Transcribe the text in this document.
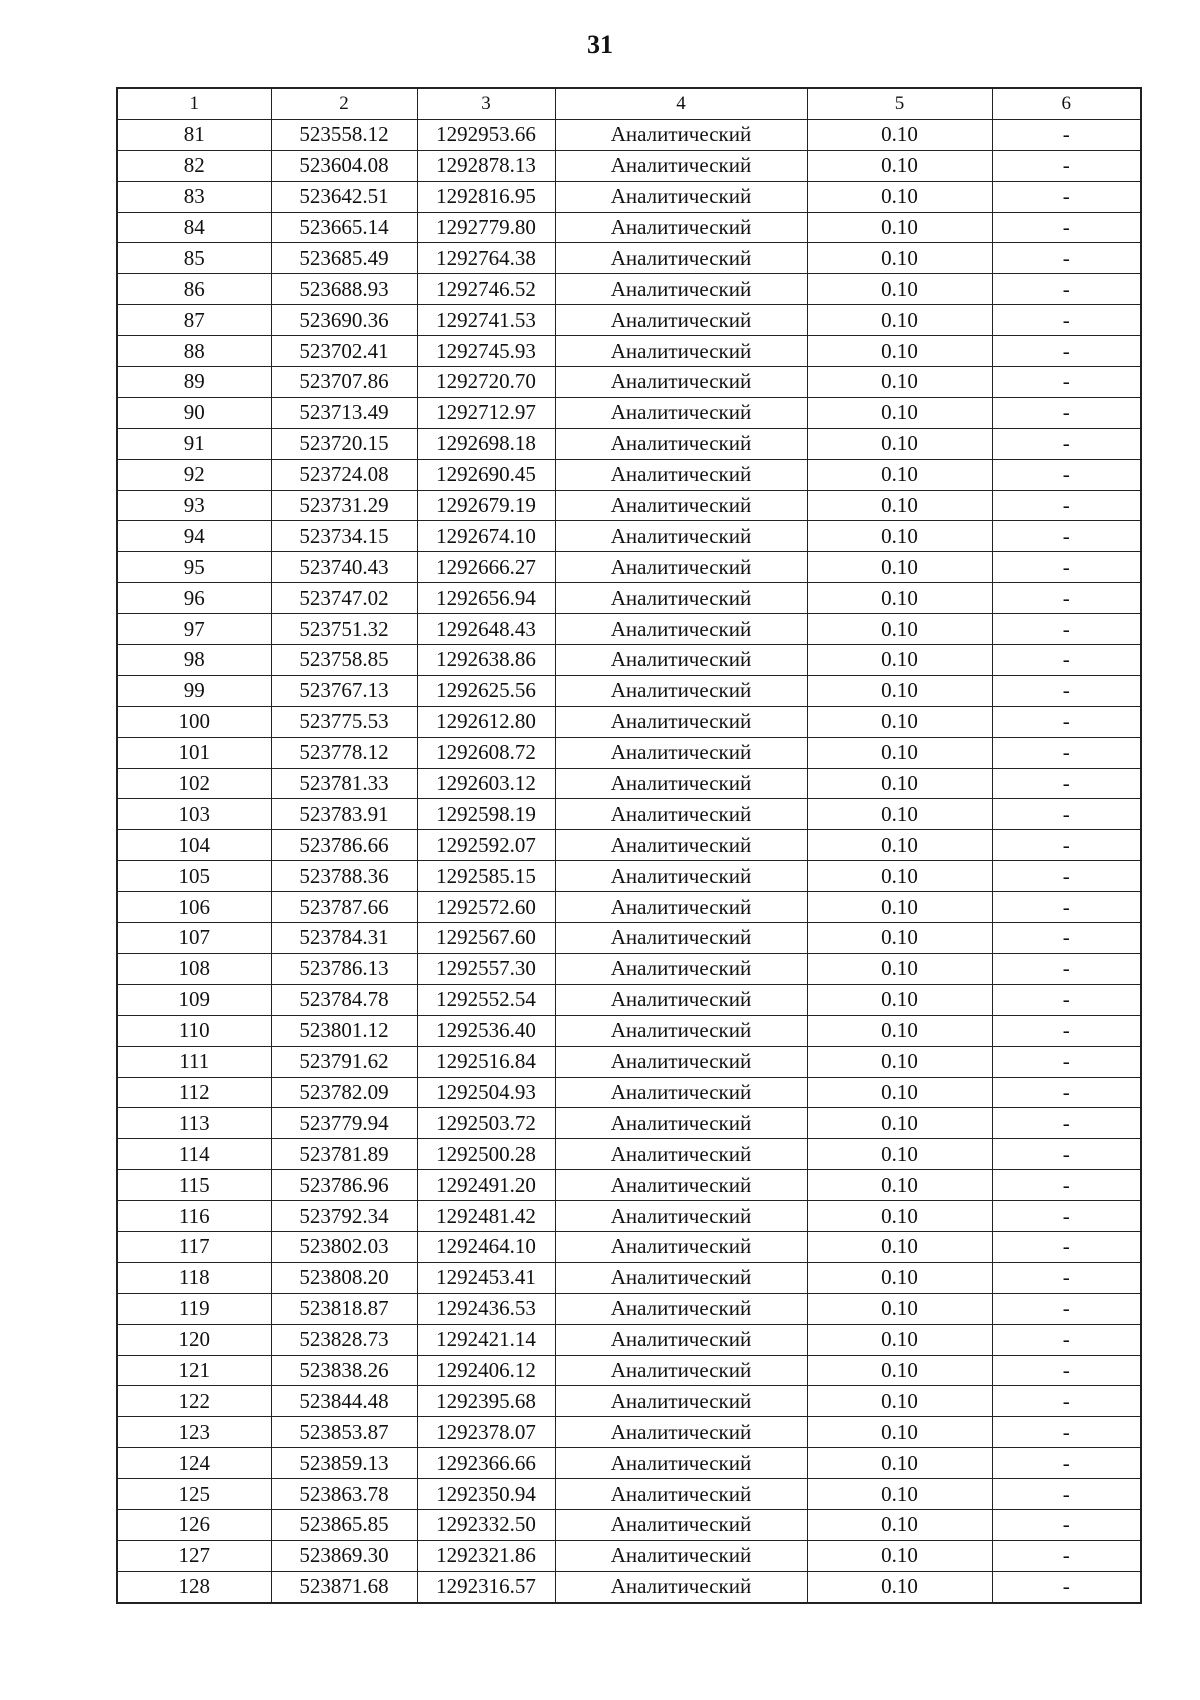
31
1	2	3	4	5	6
81	523558.12	1292953.66	Аналитический	0.10	-
82	523604.08	1292878.13	Аналитический	0.10	-
83	523642.51	1292816.95	Аналитический	0.10	-
84	523665.14	1292779.80	Аналитический	0.10	-
85	523685.49	1292764.38	Аналитический	0.10	-
86	523688.93	1292746.52	Аналитический	0.10	-
87	523690.36	1292741.53	Аналитический	0.10	-
88	523702.41	1292745.93	Аналитический	0.10	-
89	523707.86	1292720.70	Аналитический	0.10	-
90	523713.49	1292712.97	Аналитический	0.10	-
91	523720.15	1292698.18	Аналитический	0.10	-
92	523724.08	1292690.45	Аналитический	0.10	-
93	523731.29	1292679.19	Аналитический	0.10	-
94	523734.15	1292674.10	Аналитический	0.10	-
95	523740.43	1292666.27	Аналитический	0.10	-
96	523747.02	1292656.94	Аналитический	0.10	-
97	523751.32	1292648.43	Аналитический	0.10	-
98	523758.85	1292638.86	Аналитический	0.10	-
99	523767.13	1292625.56	Аналитический	0.10	-
100	523775.53	1292612.80	Аналитический	0.10	-
101	523778.12	1292608.72	Аналитический	0.10	-
102	523781.33	1292603.12	Аналитический	0.10	-
103	523783.91	1292598.19	Аналитический	0.10	-
104	523786.66	1292592.07	Аналитический	0.10	-
105	523788.36	1292585.15	Аналитический	0.10	-
106	523787.66	1292572.60	Аналитический	0.10	-
107	523784.31	1292567.60	Аналитический	0.10	-
108	523786.13	1292557.30	Аналитический	0.10	-
109	523784.78	1292552.54	Аналитический	0.10	-
110	523801.12	1292536.40	Аналитический	0.10	-
111	523791.62	1292516.84	Аналитический	0.10	-
112	523782.09	1292504.93	Аналитический	0.10	-
113	523779.94	1292503.72	Аналитический	0.10	-
114	523781.89	1292500.28	Аналитический	0.10	-
115	523786.96	1292491.20	Аналитический	0.10	-
116	523792.34	1292481.42	Аналитический	0.10	-
117	523802.03	1292464.10	Аналитический	0.10	-
118	523808.20	1292453.41	Аналитический	0.10	-
119	523818.87	1292436.53	Аналитический	0.10	-
120	523828.73	1292421.14	Аналитический	0.10	-
121	523838.26	1292406.12	Аналитический	0.10	-
122	523844.48	1292395.68	Аналитический	0.10	-
123	523853.87	1292378.07	Аналитический	0.10	-
124	523859.13	1292366.66	Аналитический	0.10	-
125	523863.78	1292350.94	Аналитический	0.10	-
126	523865.85	1292332.50	Аналитический	0.10	-
127	523869.30	1292321.86	Аналитический	0.10	-
128	523871.68	1292316.57	Аналитический	0.10	-
